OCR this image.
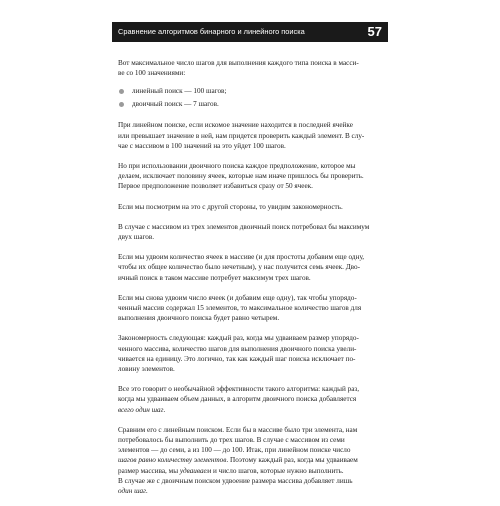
Сравнение алгоритмов бинарного и линейного поиска	57

Вот максимальное число шагов для выполнения каждого типа поиска в масси-
ве со 100 значениями:

линейный поиск — 100 шагов;
двоичный поиск — 7 шагов.

При линейном поиске, если искомое значение находится в последней ячейке
или превышает значение в ней, нам придется проверить каждый элемент. В слу-
чае с массивом в 100 значений на это уйдет 100 шагов.

Но при использовании двоичного поиска каждое предположение, которое мы
делаем, исключает половину ячеек, которые нам иначе пришлось бы проверить.
Первое предположение позволяет избавиться сразу от 50 ячеек.

Если мы посмотрим на это с другой стороны, то увидим закономерность.

В случае с массивом из трех элементов двоичный поиск потребовал бы максимум
двух шагов.

Если мы удвоим количество ячеек в массиве (и для простоты добавим еще одну,
чтобы их общее количество было нечетным), у нас получится семь ячеек. Дво-
ичный поиск в таком массиве потребует максимум трех шагов.

Если мы снова удвоим число ячеек (и добавим еще одну), так чтобы упорядо-
ченный массив содержал 15 элементов, то максимальное количество шагов для
выполнения двоичного поиска будет равно четырем.

Закономерность следующая: каждый раз, когда мы удваиваем размер упорядо-
ченного массива, количество шагов для выполнения двоичного поиска увели-
чивается на единицу. Это логично, так как каждый шаг поиска исключает по-
ловину элементов.

Все это говорит о необычайной эффективности такого алгоритма: каждый раз,
когда мы удваиваем объем данных, в алгоритм двоичного поиска добавляется
всего один шаг.

Сравним его с линейным поиском. Если бы в массиве было три элемента, нам
потребовалось бы выполнить до трех шагов. В случае с массивом из семи
элементов — до семи, а из 100 — до 100. Итак, при линейном поиске число
шагов равно количеству элементов. Поэтому каждый раз, когда мы удваиваем
размер массива, мы удваиваем и число шагов, которые нужно выполнить.
В случае же с двоичным поиском удвоение размера массива добавляет лишь
один шаг.
